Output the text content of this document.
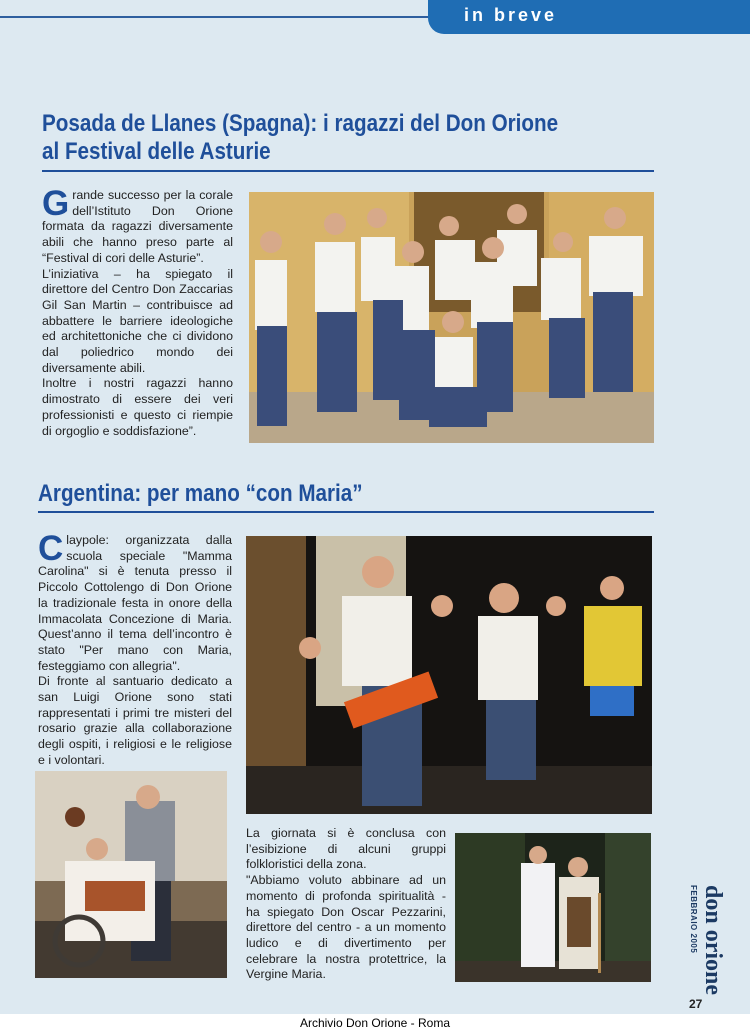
in breve
Posada de Llanes (Spagna): i ragazzi del Don Orione
al Festival delle Asturie

Grande successo per la corale dell’Istituto Don Orione formata da ragazzi diversamente abili che hanno preso parte al “Festival di cori delle Asturie”.

L’iniziativa – ha spiegato il direttore del Centro Don Zaccarias Gil San Martin – contribuisce ad abbattere le barriere ideologiche ed architettoniche che ci dividono dal poliedrico mondo dei diversamente abili.

Inoltre i nostri ragazzi hanno dimostrato di essere dei veri professionisti e questo ci riempie di orgoglio e soddisfazione”.

Argentina: per mano “con Maria”

Claypole: organizzata dalla scuola speciale "Mamma Carolina" si è tenuta presso il Piccolo Cottolengo di Don Orione la tradizionale festa in onore della Immacolata Concezione di Maria. Quest’anno il tema dell’incontro è stato "Per mano con Maria, festeggiamo con allegria".

Di fronte al santuario dedicato a san Luigi Orione sono stati rappresentati i primi tre misteri del rosario grazie alla collaborazione degli ospiti, i religiosi e le religiose e i volontari.

La giornata si è conclusa con l’esibizione di alcuni gruppi folkloristici della zona.

"Abbiamo voluto abbinare ad un momento di profonda spiritualità - ha spiegato Don Oscar Pezzarini, direttore del centro - a un momento ludico e di divertimento per celebrare la nostra protettrice, la Vergine Maria.

FEBBRAIO 2005 don orione
27
Archivio Don Orione - Roma
